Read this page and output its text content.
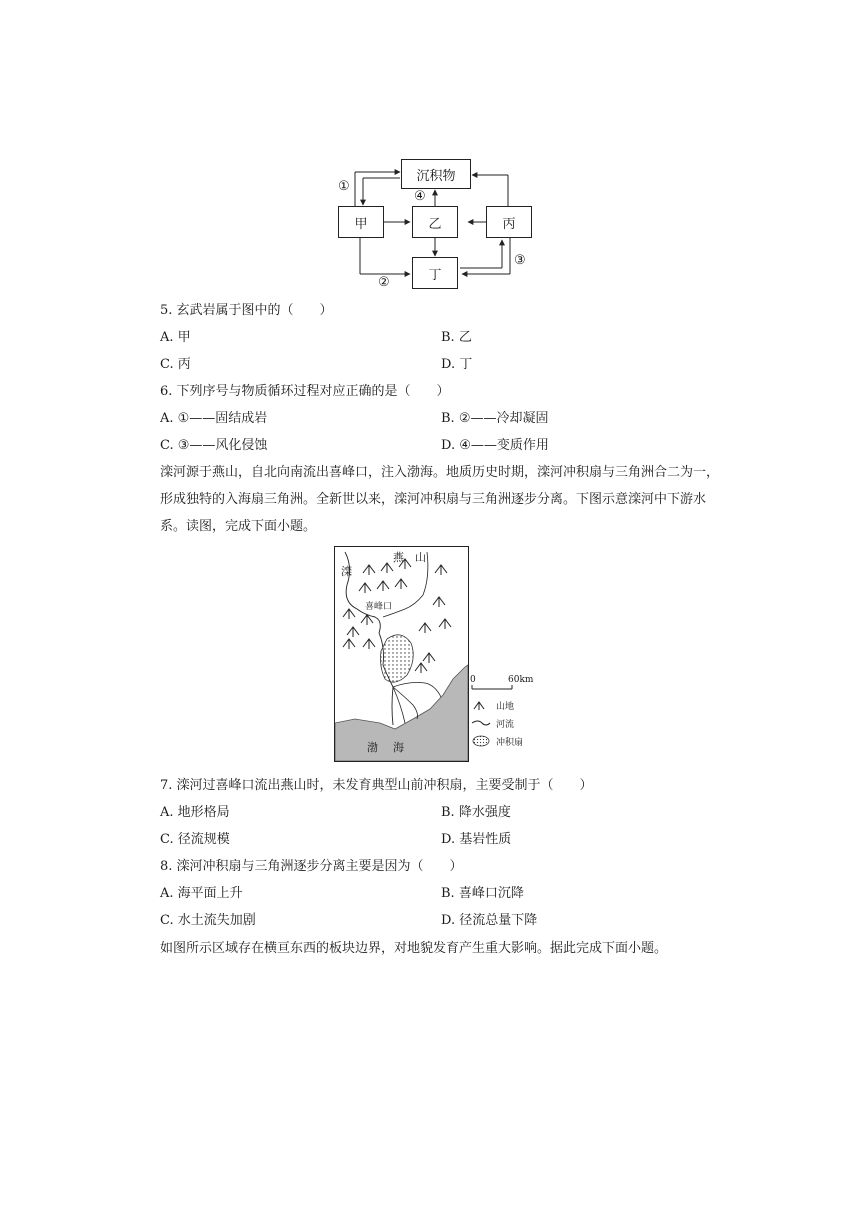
沉积物
甲	乙	丙
丁
①
④
②
③
5. 玄武岩属于图中的（　　）
A. 甲	B. 乙
C. 丙	D. 丁
6. 下列序号与物质循环过程对应正确的是（　　）
A. ①——固结成岩	B. ②——冷却凝固
C. ③——风化侵蚀	D. ④——变质作用
滦河源于燕山，自北向南流出喜峰口，注入渤海。地质历史时期，滦河冲积扇与三角洲合二为一，形成独特的入海扇三角洲。全新世以来，滦河冲积扇与三角洲逐步分离。下图示意滦河中下游水系。读图，完成下面小题。
滦
燕 山
喜峰口
渤 海
0	60km
山地
河流
冲积扇
7. 滦河过喜峰口流出燕山时，未发育典型山前冲积扇，主要受制于（　　）
A. 地形格局	B. 降水强度
C. 径流规模	D. 基岩性质
8. 滦河冲积扇与三角洲逐步分离主要是因为（　　）
A. 海平面上升	B. 喜峰口沉降
C. 水土流失加剧	D. 径流总量下降
如图所示区域存在横亘东西的板块边界，对地貌发育产生重大影响。据此完成下面小题。
